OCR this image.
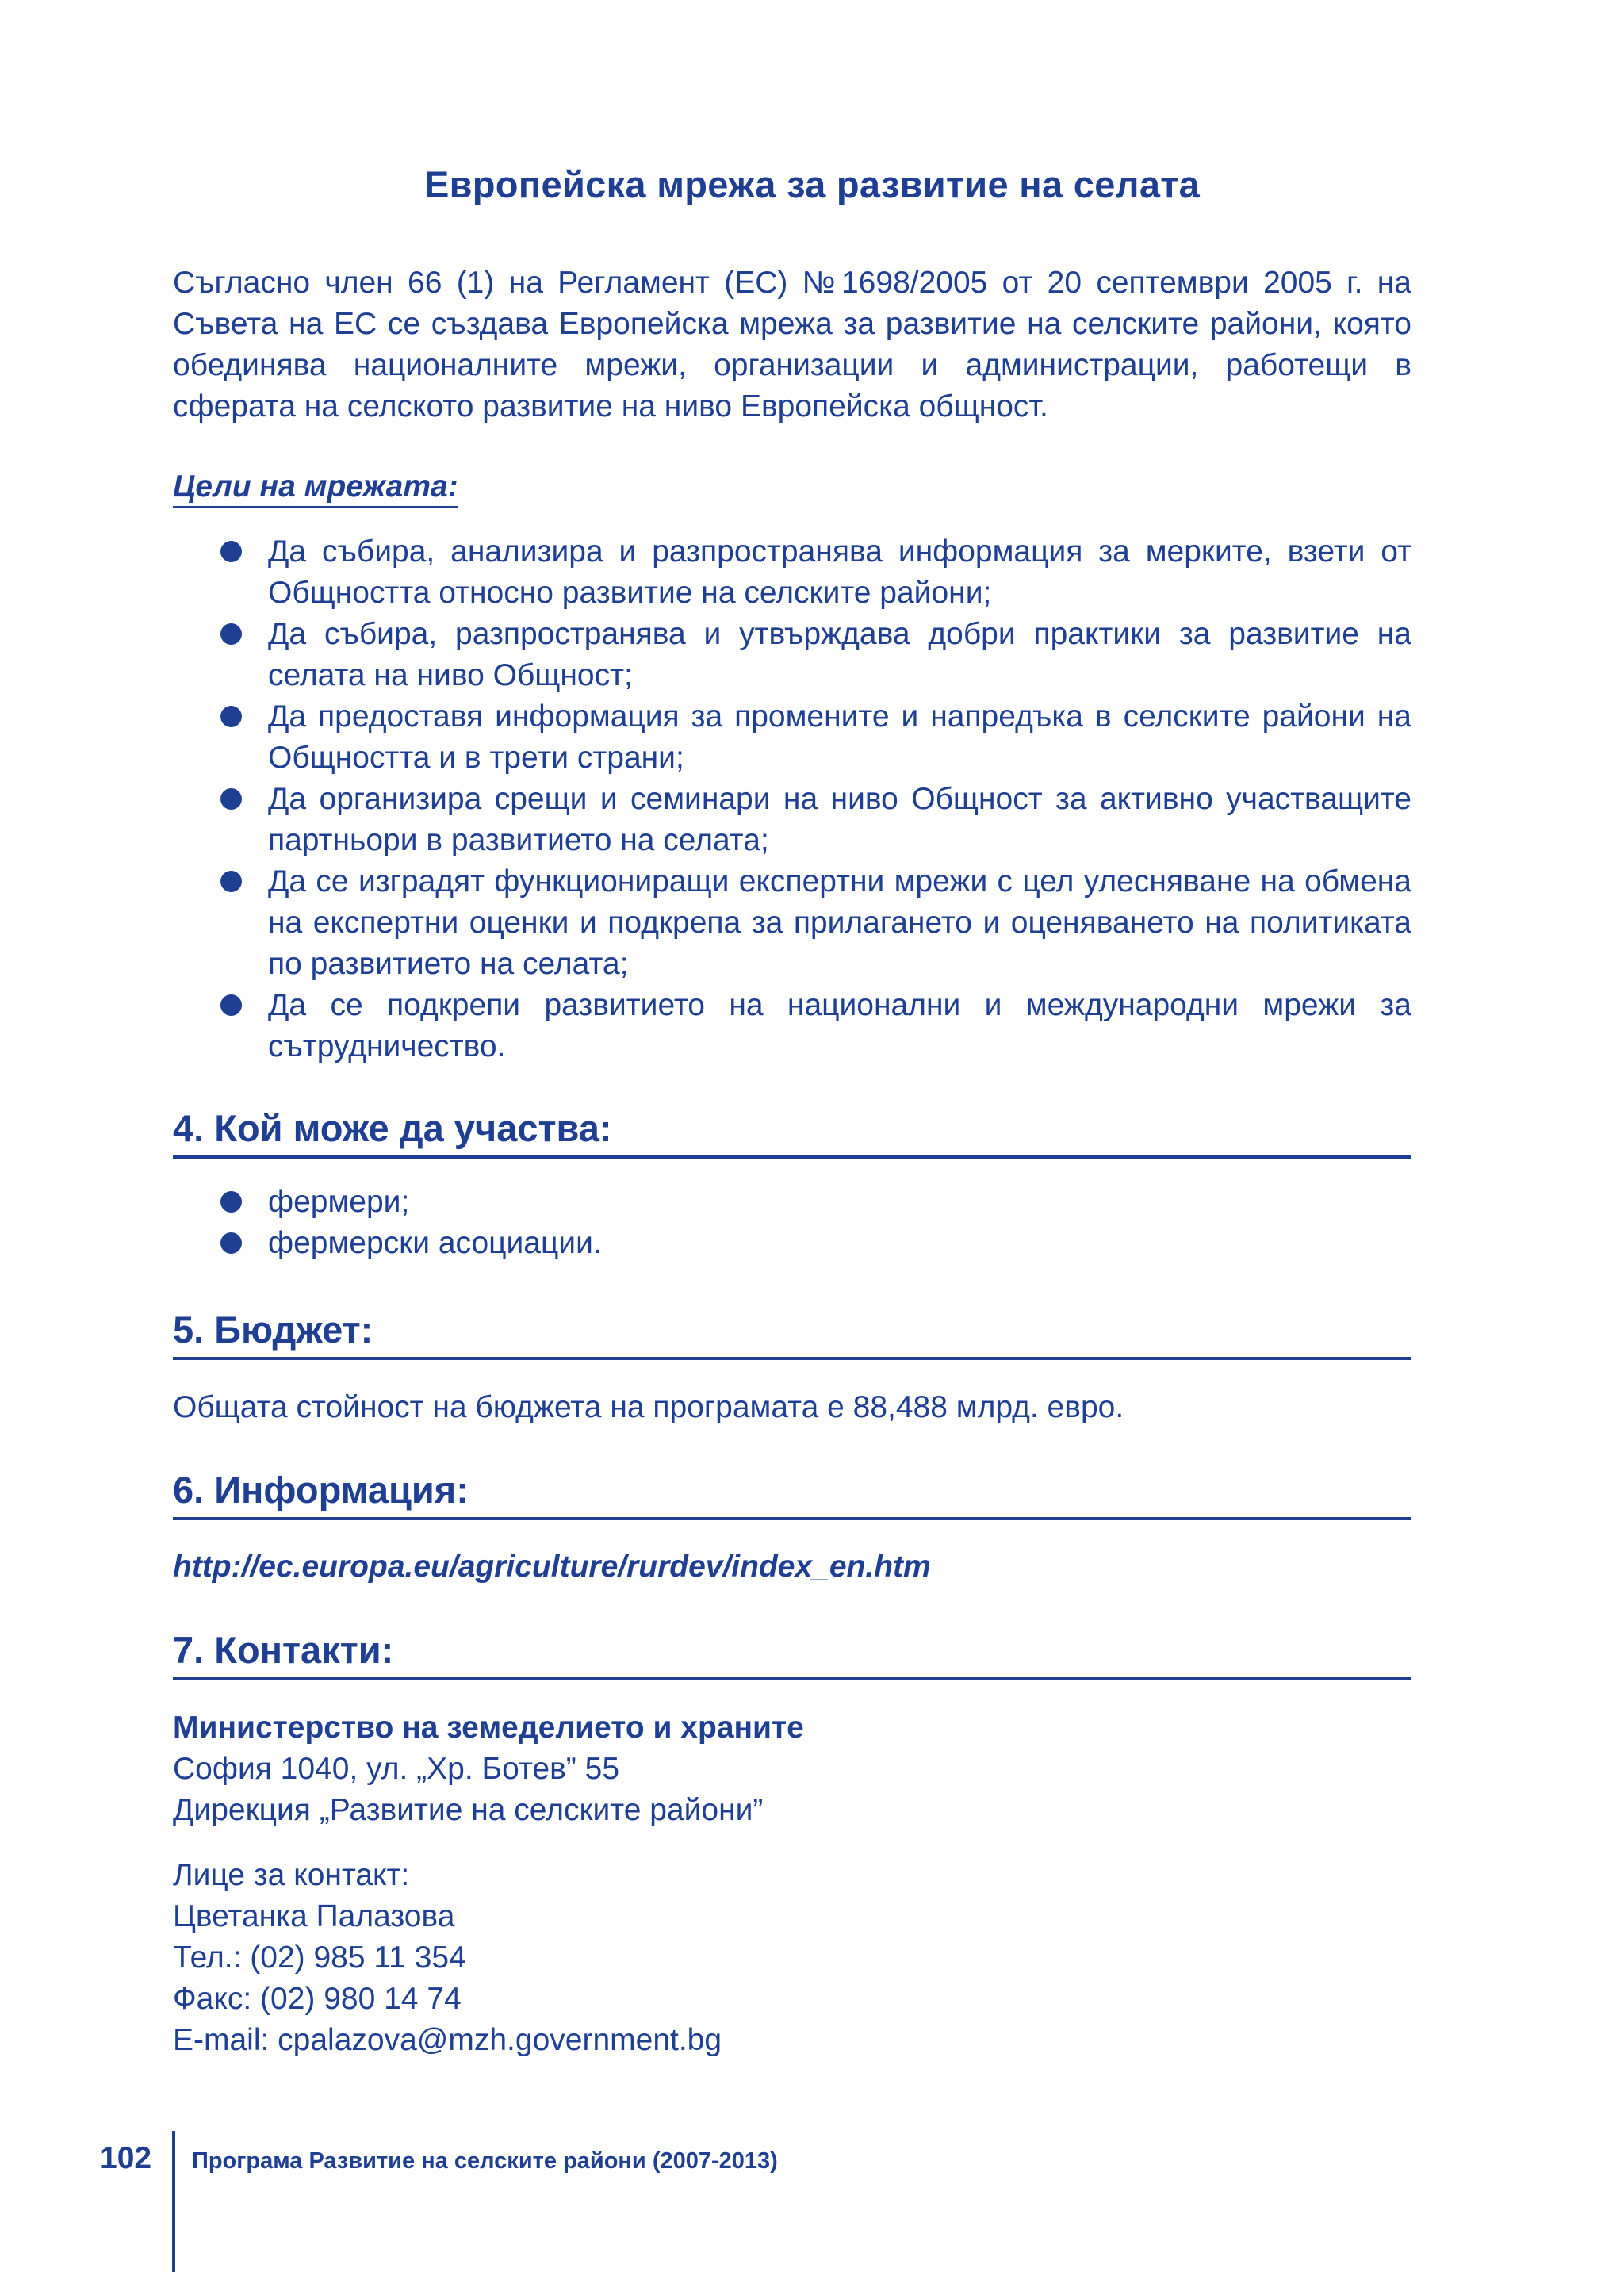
Европейска мрежа за развитие на селата
Съгласно член 66 (1) на Регламент (ЕС) №1698/2005 от 20 септември 2005 г. на Съвета на ЕС се създава Европейска мрежа за развитие на селските райони, която обединява националните мрежи, организации и администрации, работещи в сферата на селското развитие на ниво Европейска общност.
Цели на мрежата:
Да събира, анализира и разпространява информация за мерките, взети от Общността относно развитие на селските райони;
Да събира, разпространява и утвърждава добри практики за развитие на селата на ниво Общност;
Да предоставя информация за промените и напредъка в селските райони на Общността и в трети страни;
Да организира срещи и семинари на ниво Общност за активно участващите партньори в развитието на селата;
Да се изградят функциониращи експертни мрежи с цел улесняване на обмена на експертни оценки и подкрепа за прилагането и оценяването на политиката по развитието на селата;
Да се подкрепи развитието на национални и международни мрежи за сътрудничество.
4. Кой може да участва:
фермери;
фермерски асоциации.
5. Бюджет:
Общата стойност на бюджета на програмата е 88,488 млрд. евро.
6. Информация:
http://ec.europa.eu/agriculture/rurdev/index_en.htm
7. Контакти:
Министерство на земеделието и храните
София 1040, ул. „Хр. Ботев” 55
Дирекция „Развитие на селските райони”
Лице за контакт:
Цветанка Палазова
Тел.: (02) 985 11 354
Факс: (02) 980 14 74
E-mail: cpalazova@mzh.government.bg
102 Програма Развитие на селските райони (2007-2013)
